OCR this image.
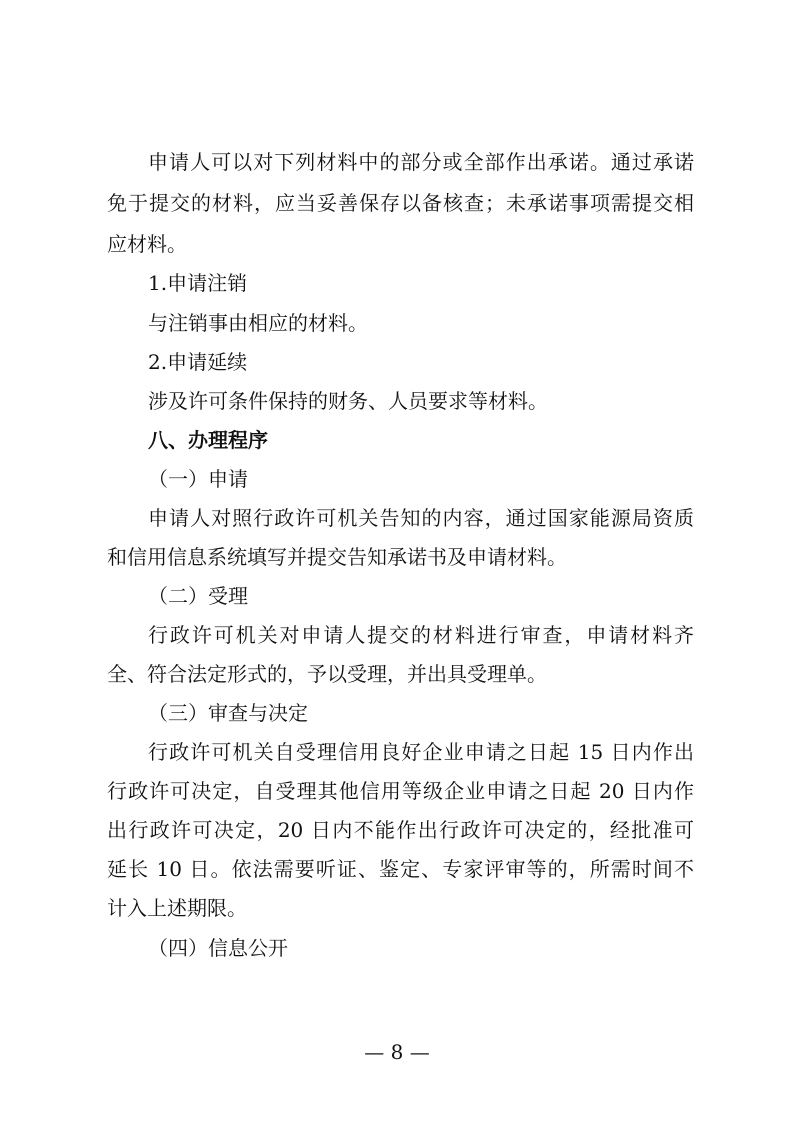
申请人可以对下列材料中的部分或全部作出承诺。通过承诺
免于提交的材料，应当妥善保存以备核查；未承诺事项需提交相
应材料。
1.申请注销
与注销事由相应的材料。
2.申请延续
涉及许可条件保持的财务、人员要求等材料。
八、办理程序
（一）申请
申请人对照行政许可机关告知的内容，通过国家能源局资质
和信用信息系统填写并提交告知承诺书及申请材料。
（二）受理
行政许可机关对申请人提交的材料进行审查，申请材料齐
全、符合法定形式的，予以受理，并出具受理单。
（三）审查与决定
行政许可机关自受理信用良好企业申请之日起 15 日内作出
行政许可决定，自受理其他信用等级企业申请之日起 20 日内作
出行政许可决定，20 日内不能作出行政许可决定的，经批准可
延长 10 日。依法需要听证、鉴定、专家评审等的，所需时间不
计入上述期限。
（四）信息公开
— 8 —
